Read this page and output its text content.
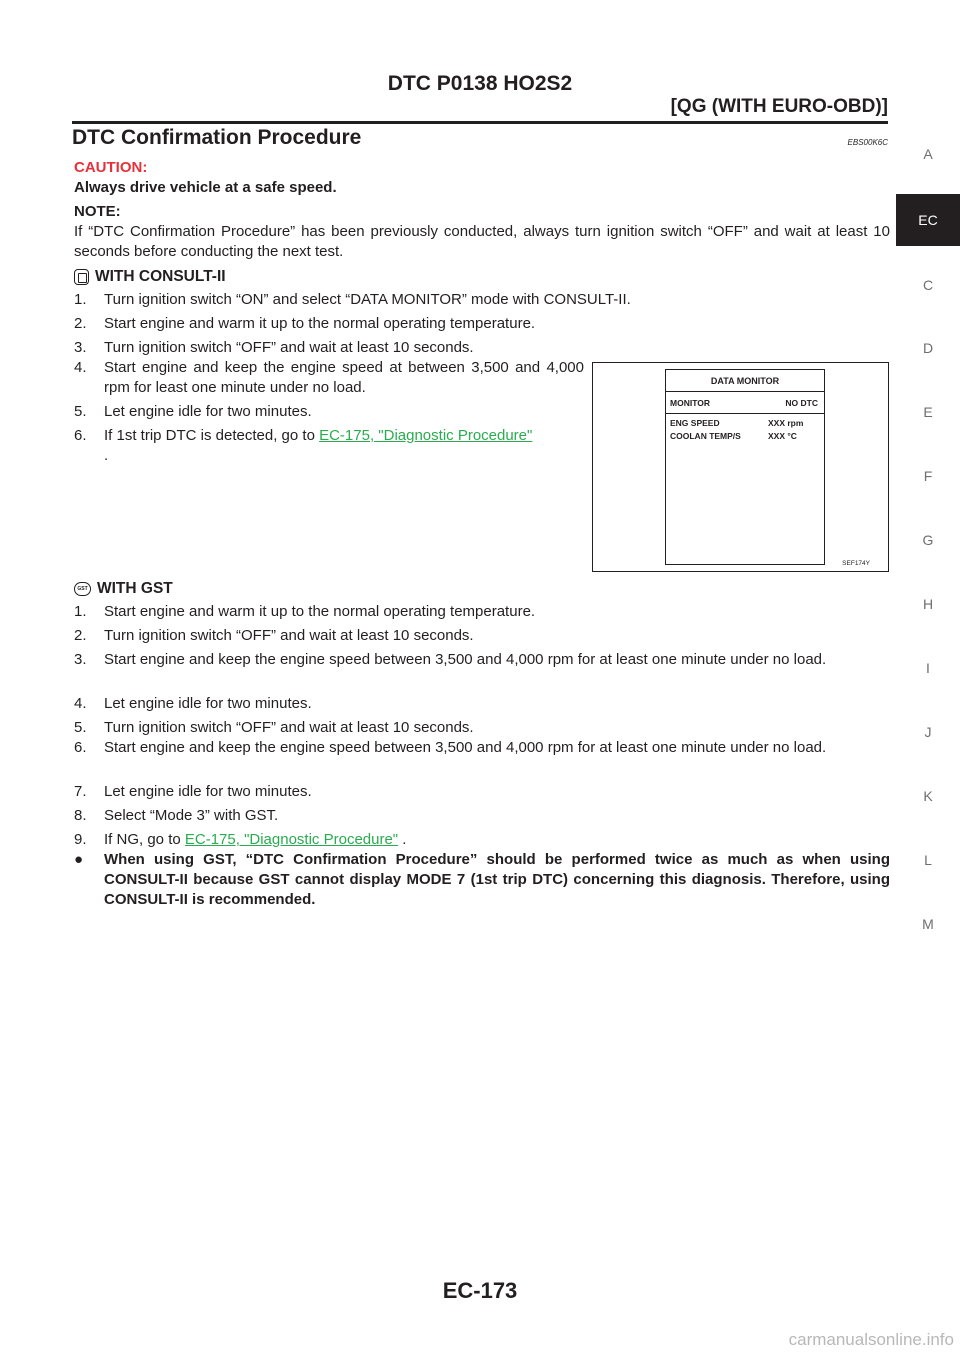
DTC P0138 HO2S2
[QG (WITH EURO-OBD)]
DTC Confirmation Procedure	EBS00K6C

CAUTION:

Always drive vehicle at a safe speed.

NOTE:

If “DTC Confirmation Procedure” has been previously conducted, always turn ignition switch “OFF” and wait at least 10 seconds before conducting the next test.

WITH CONSULT-II
1.	Turn ignition switch “ON” and select “DATA MONITOR” mode with CONSULT-II.
2.	Start engine and warm it up to the normal operating temperature.
3.	Turn ignition switch “OFF” and wait at least 10 seconds.
4.	Start engine and keep the engine speed at between 3,500 and 4,000 rpm for least one minute under no load.
5.	Let engine idle for two minutes.
6.	If 1st trip DTC is detected, go to EC-175, "Diagnostic Procedure"
.
DATA MONITOR
MONITOR	NO DTC
ENG SPEED	XXX rpm
COOLAN TEMP/S	XXX °C
SEF174Y
GST WITH GST
1.	Start engine and warm it up to the normal operating temperature.
2.	Turn ignition switch “OFF” and wait at least 10 seconds.
3.	Start engine and keep the engine speed between 3,500 and 4,000 rpm for at least one minute under no load.
4.	Let engine idle for two minutes.
5.	Turn ignition switch “OFF” and wait at least 10 seconds.
6.	Start engine and keep the engine speed between 3,500 and 4,000 rpm for at least one minute under no load.
7.	Let engine idle for two minutes.
8.	Select “Mode 3” with GST.
9.	If NG, go to EC-175, "Diagnostic Procedure" .
●	When using GST, “DTC Confirmation Procedure” should be performed twice as much as when using CONSULT-II because GST cannot display MODE 7 (1st trip DTC) concerning this diagnosis. Therefore, using CONSULT-II is recommended.
A
EC
C
D
E
F
G
H
I
J
K
L
M
EC-173
carmanualsonline.info
